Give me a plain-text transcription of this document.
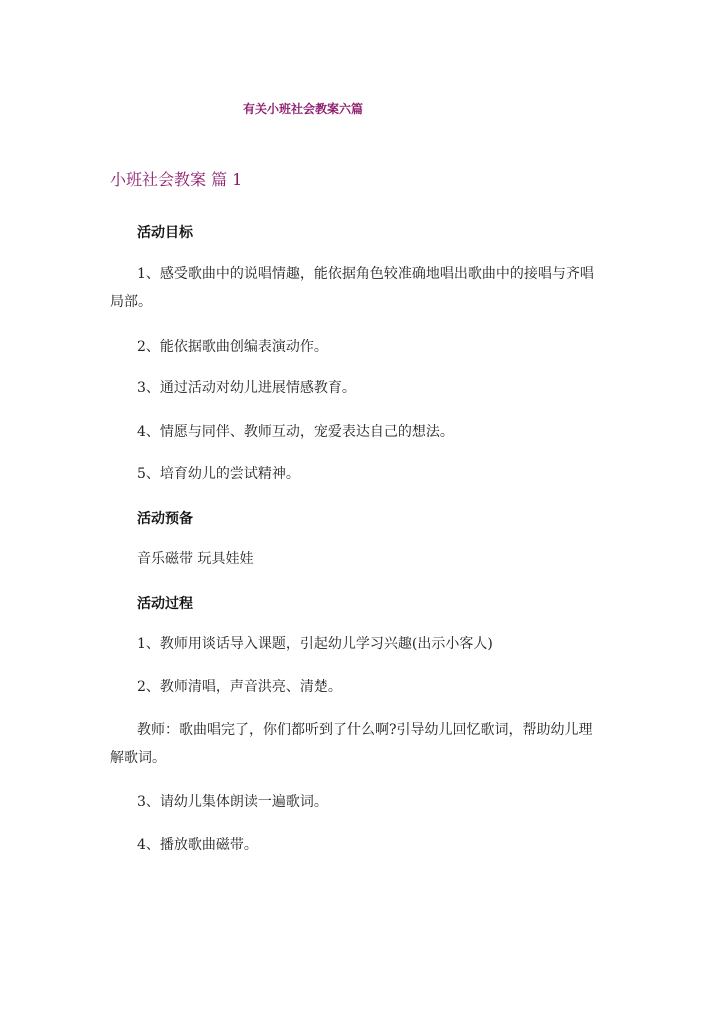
有关小班社会教案六篇
小班社会教案 篇 1
活动目标
1、感受歌曲中的说唱情趣，能依据角色较准确地唱出歌曲中的接唱与齐唱
局部。
2、能依据歌曲创编表演动作。
3、通过活动对幼儿进展情感教育。
4、情愿与同伴、教师互动，宠爱表达自己的想法。
5、培育幼儿的尝试精神。
活动预备
音乐磁带 玩具娃娃
活动过程
1、教师用谈话导入课题，引起幼儿学习兴趣(出示小客人)
2、教师清唱，声音洪亮、清楚。
教师：歌曲唱完了，你们都听到了什么啊?引导幼儿回忆歌词，帮助幼儿理
解歌词。
3、请幼儿集体朗读一遍歌词。
4、播放歌曲磁带。
